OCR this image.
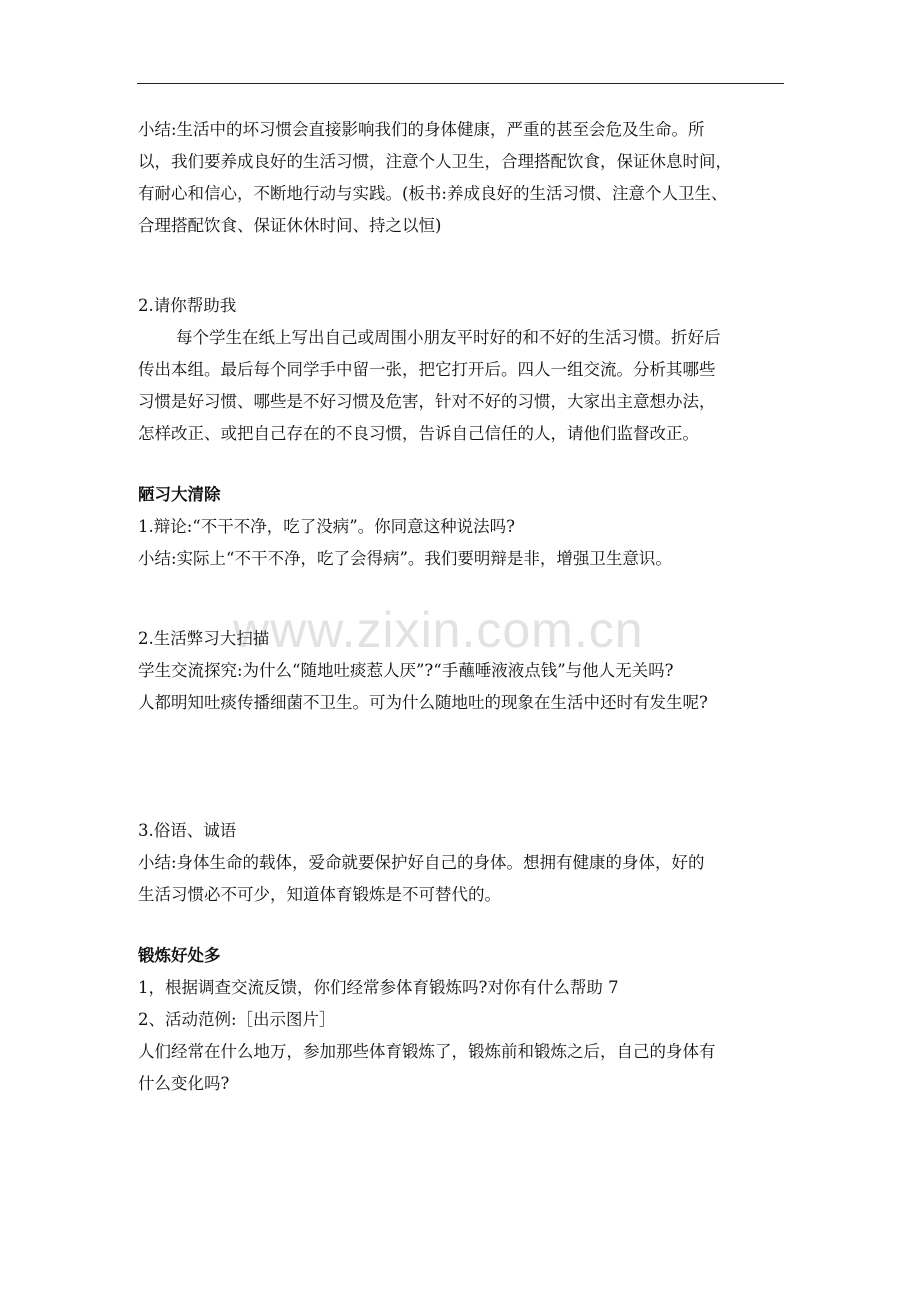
www.zixin.com.cn
小结:生活中的坏习惯会直接影响我们的身体健康，严重的甚至会危及生命。所
以，我们要养成良好的生活习惯，注意个人卫生，合理搭配饮食，保证休息时间，
有耐心和信心，不断地行动与实践。(板书:养成良好的生活习惯、注意个人卫生、
合理搭配饮食、保证休休时间、持之以恒)
2.请你帮助我
每个学生在纸上写出自己或周围小朋友平时好的和不好的生活习惯。折好后
传出本组。最后每个同学手中留一张，把它打开后。四人一组交流。分析其哪些
习惯是好习惯、哪些是不好习惯及危害，针对不好的习惯，大家出主意想办法，
怎样改正、或把自己存在的不良习惯，告诉自己信任的人，请他们监督改正。
陋习大清除
1.辩论:“不干不净，吃了没病”。你同意这种说法吗?
小结:实际上“不干不净，吃了会得病”。我们要明辩是非，增强卫生意识。
2.生活弊习大扫描
学生交流探究:为什么“随地吐痰惹人厌”?“手蘸唾液液点钱”与他人无关吗?
人都明知吐痰传播细菌不卫生。可为什么随地吐的现象在生活中还时有发生呢?
3.俗语、诚语
小结:身体生命的载体，爱命就要保护好自己的身体。想拥有健康的身体，好的
生活习惯必不可少，知道体育锻炼是不可替代的。
锻炼好处多
1，根据调查交流反馈，你们经常参体育锻炼吗?对你有什么帮助 7
2、活动范例:［出示图片］
人们经常在什么地万，参加那些体育锻炼了，锻炼前和锻炼之后，自己的身体有
什么变化吗?
